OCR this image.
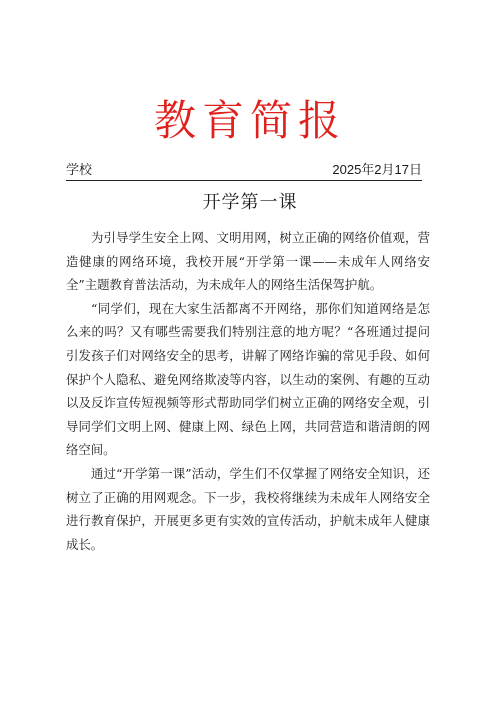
教育简报
学校	2025年2月17日
开学第一课

为引导学生安全上网、文明用网，树立正确的网络价值观，营造健康的网络环境，我校开展“开学第一课——未成年人网络安全”主题教育普法活动，为未成年人的网络生活保驾护航。

“同学们，现在大家生活都离不开网络，那你们知道网络是怎么来的吗？又有哪些需要我们特别注意的地方呢？“各班通过提问引发孩子们对网络安全的思考，讲解了网络诈骗的常见手段、如何保护个人隐私、避免网络欺凌等内容，以生动的案例、有趣的互动以及反诈宣传短视频等形式帮助同学们树立正确的网络安全观，引导同学们文明上网、健康上网、绿色上网，共同营造和谐清朗的网络空间。

通过“开学第一课”活动，学生们不仅掌握了网络安全知识，还树立了正确的用网观念。下一步，我校将继续为未成年人网络安全进行教育保护，开展更多更有实效的宣传活动，护航未成年人健康成长。
